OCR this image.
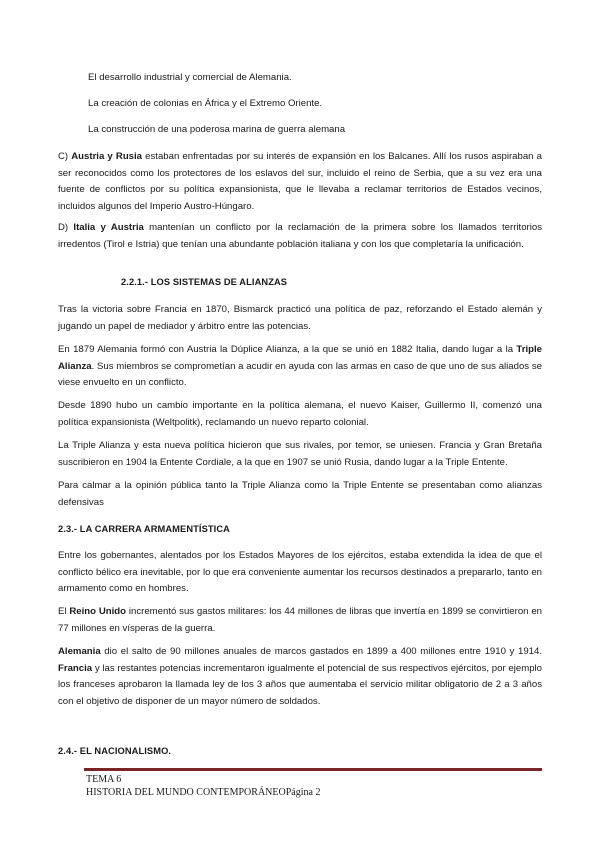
El desarrollo industrial y comercial de Alemania.

La creación de colonias en África y el Extremo Oriente.

La construcción de una poderosa marina de guerra alemana

C) Austria y Rusia estaban enfrentadas por su interés de expansión en los Balcanes. Allí los rusos aspiraban a ser reconocidos como los protectores de los eslavos del sur, incluido el reino de Serbia, que a su vez era una fuente de conflictos por su política expansionista, que le llevaba a reclamar territorios de Estados vecinos, incluidos algunos del Imperio Austro-Húngaro.

D) Italia y Austria mantenían un conflicto por la reclamación de la primera sobre los llamados territorios irredentos (Tirol e Istria) que tenían una abundante población italiana y con los que completaría la unificación.

2.2.1.- LOS SISTEMAS DE ALIANZAS

Tras la victoria sobre Francia en 1870, Bismarck practicó una política de paz, reforzando el Estado alemán y jugando un papel de mediador y árbitro entre las potencias.

En 1879 Alemania formó con Austria la Dúplice Alianza, a la que se unió en 1882 Italia, dando lugar a la Triple Alianza. Sus miembros se comprometían a acudir en ayuda con las armas en caso de que uno de sus aliados se viese envuelto en un conflicto.

Desde 1890 hubo un cambio importante en la política alemana, el nuevo Kaiser, Guillermo II, comenzó una política expansionista (Weltpolitk), reclamando un nuevo reparto colonial.

La Triple Alianza y esta nueva política hicieron que sus rivales, por temor, se uniesen. Francia y Gran Bretaña suscribieron en 1904 la Entente Cordiale, a la que en 1907 se unió Rusia, dando lugar a la Triple Entente.

Para calmar a la opinión pública tanto la Triple Alianza como la Triple Entente se presentaban como alianzas defensivas

2.3.- LA CARRERA ARMAMENTÍSTICA

Entre los gobernantes, alentados por los Estados Mayores de los ejércitos, estaba extendida la idea de que el conflicto bélico era inevitable, por lo que era conveniente aumentar los recursos destinados a prepararlo, tanto en armamento como en hombres.

El Reino Unido incrementó sus gastos militares: los 44 millones de libras que invertía en 1899 se convirtieron en 77 millones en vísperas de la guerra.

Alemania dio el salto de 90 millones anuales de marcos gastados en 1899 a 400 millones entre 1910 y 1914. Francia y las restantes potencias incrementaron igualmente el potencial de sus respectivos ejércitos, por ejemplo los franceses aprobaron la llamada ley de los 3 años que aumentaba el servicio militar obligatorio de 2 a 3 años con el objetivo de disponer de un mayor número de soldados.

2.4.- EL NACIONALISMO.

TEMA 6

HISTORIA DEL MUNDO CONTEMPORÁNEOPágina 2
